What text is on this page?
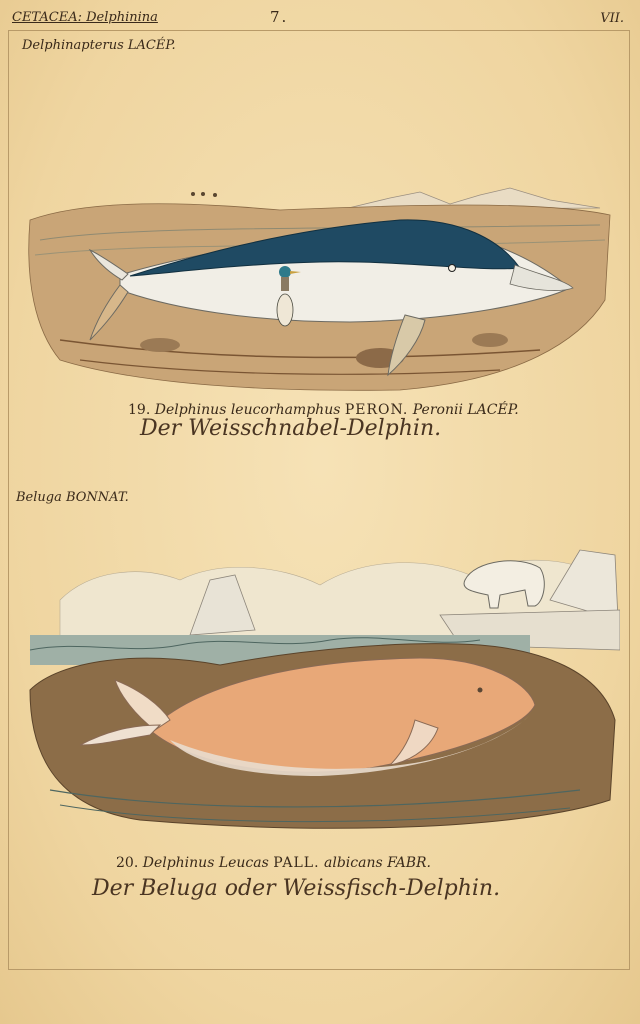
CETACEA: Delphinina	7.	VII.
Delphinapterus LACÉP.
19. Delphinus leucorhamphus PERON. Peronii LACÉP.
Der Weisschnabel-Delphin.
Beluga BONNAT.
20. Delphinus Leucas PALL. albicans FABR.
Der Beluga oder Weissfisch-Delphin.
